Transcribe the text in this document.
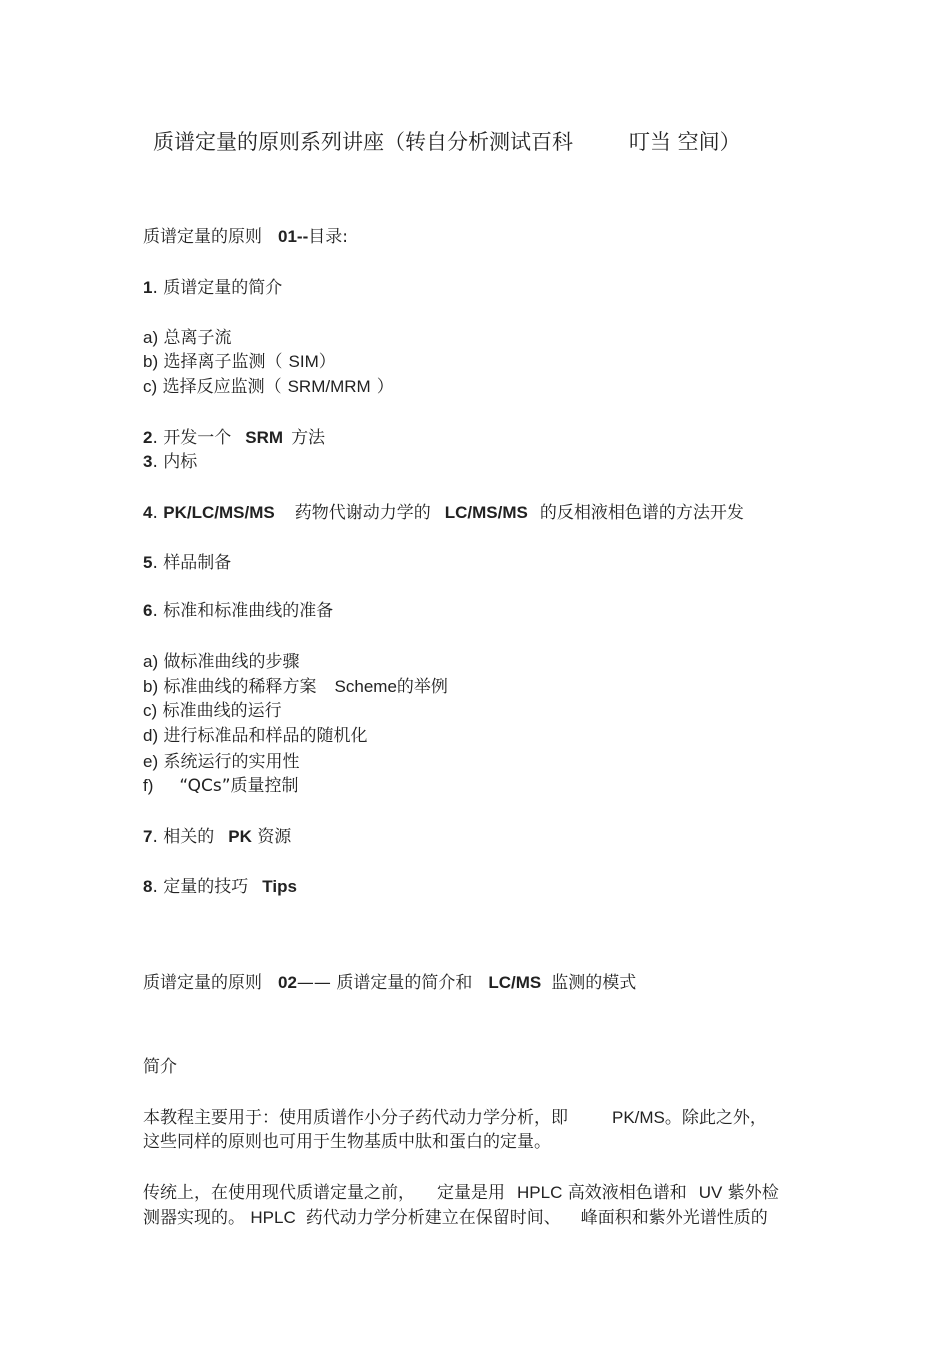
质谱定量的原则系列讲座（转自分析测试百科	叮当 空间）
质谱定量的原则 01--目录:
1. 质谱定量的简介
a) 总离子流
b) 选择离子监测（ SIM）
c) 选择反应监测（ SRM/MRM ）
2. 开发一个 SRM 方法
3. 内标
4. PK/LC/MS/MS 药物代谢动力学的 LC/MS/MS 的反相液相色谱的方法开发
5. 样品制备
6. 标准和标准曲线的准备
a) 做标准曲线的步骤
b) 标准曲线的稀释方案 Scheme的举例
c) 标准曲线的运行
d) 进行标准品和样品的随机化
e) 系统运行的实用性
f) “QCs”质量控制
7. 相关的 PK 资源
8. 定量的技巧 Tips
质谱定量的原则 02—— 质谱定量的简介和 LC/MS 监测的模式
简介
本教程主要用于：使用质谱作小分子药代动力学分析，即	PK/MS。除此之外，
这些同样的原则也可用于生物基质中肽和蛋白的定量。
传统上，在使用现代质谱定量之前， 定量是用 HPLC 高效液相色谱和 UV 紫外检
测器实现的。 HPLC 药代动力学分析建立在保留时间、 峰面积和紫外光谱性质的
